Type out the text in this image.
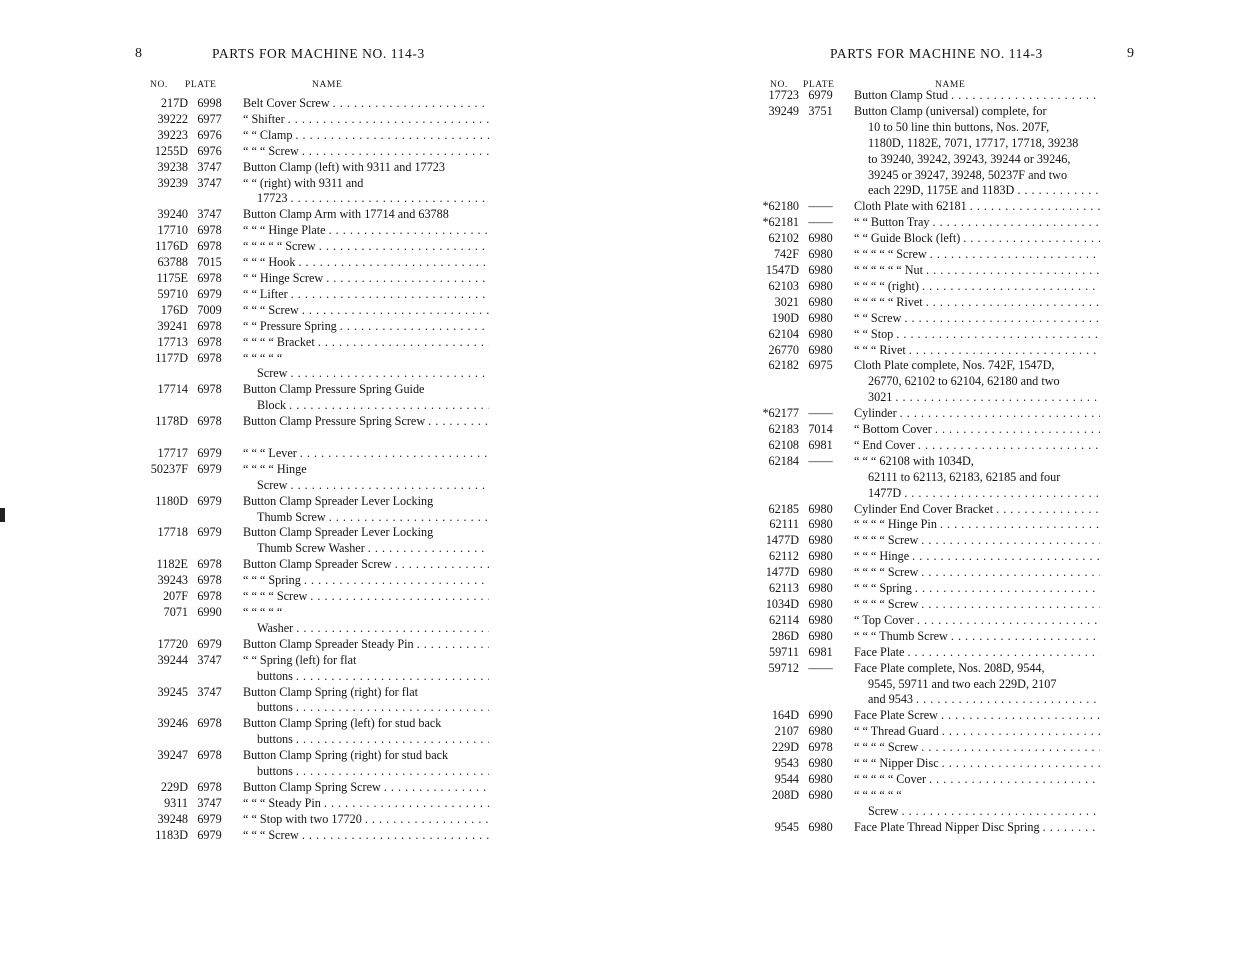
8	PARTS FOR MACHINE NO. 114-3
NO. PLATE	NAME
217D 6998	Belt Cover Screw
. . .
39222 6977	“ Shifter
. . .
39223 6976	“ “ Clamp
. . .
1255D 6976	“ “ “ Screw
. . .
39238 3747	Button Clamp (left) with 9311 and 17723
39239 3747	“ “ (right) with 9311 and
17723
. . .
39240 3747	Button Clamp Arm with 17714 and 63788
17710 6978	“ “ “ Hinge Plate
. . .
1176D 6978	“ “ “ “ “ Screw
. . .
63788 7015	“ “ “ Hook
. . .
1175E 6978	“ “ Hinge Screw
. . .
59710 6979	“ “ Lifter
. . .
176D 7009	“ “ “ Screw
. . .
39241 6978	“ “ Pressure Spring
. . .
17713 6978	“ “ “ “ Bracket
. . .
1177D 6978	“ “ “ “ “
Screw
. . .
17714 6978	Button Clamp Pressure Spring Guide
Block
. . .
1178D 6978	Button Clamp Pressure Spring Screw
. . .
17717 6979	“ “ “ Lever
. . .
50237F 6979	“ “ “ “ Hinge
Screw
. . .
1180D 6979	Button Clamp Spreader Lever Locking
Thumb Screw
. . .
17718 6979	Button Clamp Spreader Lever Locking
Thumb Screw Washer
. . .
1182E 6978	Button Clamp Spreader Screw
. . .
39243 6978	“ “ “ Spring
. . .
207F 6978	“ “ “ “ Screw
. . .
7071 6990	“ “ “ “ “
Washer
. . .
17720 6979	Button Clamp Spreader Steady Pin
. . .
39244 3747	“ “ Spring (left) for flat
buttons
. . .
39245 3747	Button Clamp Spring (right) for flat
buttons
. . .
39246 6978	Button Clamp Spring (left) for stud back
buttons
. . .
39247 6978	Button Clamp Spring (right) for stud back
buttons
. . .
229D 6978	Button Clamp Spring Screw
. . .
9311 3747	“ “ “ Steady Pin
. . .
39248 6979	“ “ Stop with two 17720
. . .
1183D 6979	“ “ “ Screw
. . .
PARTS FOR MACHINE NO. 114-3	9
NO. PLATE	NAME
17723 6979	Button Clamp Stud
. . .
39249 3751	Button Clamp (universal) complete, for
10 to 50 line thin buttons, Nos. 207F,
1180D, 1182E, 7071, 17717, 17718, 39238
to 39240, 39242, 39243, 39244 or 39246,
39245 or 39247, 39248, 50237F and two
each 229D, 1175E and 1183D
. . .
*62180 ——	Cloth Plate with 62181
. . .
*62181 ——	“ “ Button Tray
. . .
62102 6980	“ “ Guide Block (left)
. . .
742F 6980	“ “ “ “ “ Screw
. . .
1547D 6980	“ “ “ “ “ “ Nut
. . .
62103 6980	“ “ “ “ (right)
. . .
3021 6980	“ “ “ “ “ Rivet
. . .
190D 6980	“ “ Screw
. . .
62104 6980	“ “ Stop
. . .
26770 6980	“ “ “ Rivet
. . .
62182 6975	Cloth Plate complete, Nos. 742F, 1547D,
26770, 62102 to 62104, 62180 and two
3021
. . .
*62177 ——	Cylinder
. . .
62183 7014	“ Bottom Cover
. . .
62108 6981	“ End Cover
. . .
62184 ——	“ “ “ 62108 with 1034D,
62111 to 62113, 62183, 62185 and four
1477D
. . .
62185 6980	Cylinder End Cover Bracket
. . .
62111 6980	“ “ “ “ Hinge Pin
. . .
1477D 6980	“ “ “ “ Screw
. . .
62112 6980	“ “ “ Hinge
. . .
1477D 6980	“ “ “ “ Screw
. . .
62113 6980	“ “ “ Spring
. . .
1034D 6980	“ “ “ “ Screw
. . .
62114 6980	“ Top Cover
. . .
286D 6980	“ “ “ Thumb Screw
. . .
59711 6981	Face Plate
. . .
59712 ——	Face Plate complete, Nos. 208D, 9544,
9545, 59711 and two each 229D, 2107
and 9543
. . .
164D 6990	Face Plate Screw
. . .
2107 6980	“ “ Thread Guard
. . .
229D 6978	“ “ “ “ Screw
. . .
9543 6980	“ “ “ Nipper Disc
. . .
9544 6980	“ “ “ “ “ Cover
. . .
208D 6980	“ “ “ “ “ “
Screw
. . .
9545 6980	Face Plate Thread Nipper Disc Spring
. . .
